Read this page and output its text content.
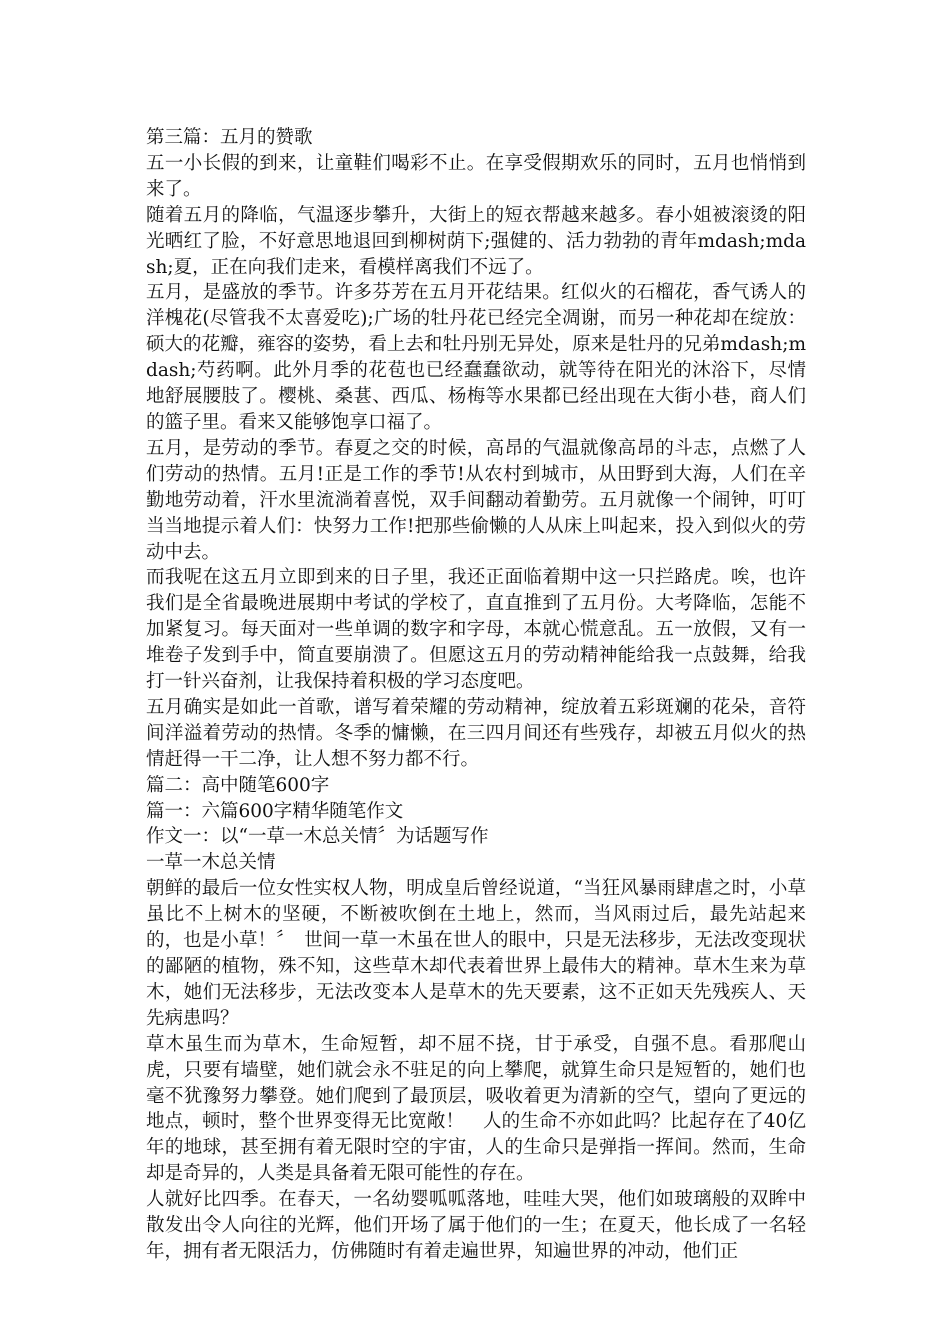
第三篇：五月的赞歌

五一小长假的到来，让童鞋们喝彩不止。在享受假期欢乐的同时，五月也悄悄到来了。

随着五月的降临，气温逐步攀升，大街上的短衣帮越来越多。春小姐被滚烫的阳光晒红了脸，不好意思地退回到柳树荫下;强健的、活力勃勃的青年mdash;mdash;夏，正在向我们走来，看模样离我们不远了。

五月，是盛放的季节。许多芬芳在五月开花结果。红似火的石榴花，香气诱人的洋槐花(尽管我不太喜爱吃);广场的牡丹花已经完全凋谢，而另一种花却在绽放：硕大的花瓣，雍容的姿势，看上去和牡丹别无异处，原来是牡丹的兄弟mdash;mdash;芍药啊。此外月季的花苞也已经蠢蠢欲动，就等待在阳光的沐浴下，尽情地舒展腰肢了。樱桃、桑葚、西瓜、杨梅等水果都已经出现在大街小巷，商人们的篮子里。看来又能够饱享口福了。

五月，是劳动的季节。春夏之交的时候，高昂的气温就像高昂的斗志，点燃了人们劳动的热情。五月!正是工作的季节!从农村到城市，从田野到大海，人们在辛勤地劳动着，汗水里流淌着喜悦，双手间翻动着勤劳。五月就像一个闹钟，叮叮当当地提示着人们：快努力工作!把那些偷懒的人从床上叫起来，投入到似火的劳动中去。

而我呢在这五月立即到来的日子里，我还正面临着期中这一只拦路虎。唉，也许我们是全省最晚进展期中考试的学校了，直直推到了五月份。大考降临，怎能不加紧复习。每天面对一些单调的数字和字母，本就心慌意乱。五一放假，又有一堆卷子发到手中，简直要崩溃了。但愿这五月的劳动精神能给我一点鼓舞，给我打一针兴奋剂，让我保持着积极的学习态度吧。

五月确实是如此一首歌，谱写着荣耀的劳动精神，绽放着五彩斑斓的花朵，音符间洋溢着劳动的热情。冬季的慵懒，在三四月间还有些残存，却被五月似火的热情赶得一干二净，让人想不努力都不行。

篇二：高中随笔600字

篇一：六篇600字精华随笔作文

作文一：以“一草一木总关情〞为话题写作

一草一木总关情

朝鲜的最后一位女性实权人物，明成皇后曾经说道，“当狂风暴雨肆虐之时，小草虽比不上树木的坚硬，不断被吹倒在土地上，然而，当风雨过后，最先站起来的，也是小草！〞　世间一草一木虽在世人的眼中，只是无法移步，无法改变现状的鄙陋的植物，殊不知，这些草木却代表着世界上最伟大的精神。草木生来为草木，她们无法移步，无法改变本人是草木的先天要素，这不正如天先残疾人、天先病患吗？

草木虽生而为草木，生命短暂，却不屈不挠，甘于承受，自强不息。看那爬山虎，只要有墙壁，她们就会永不驻足的向上攀爬，就算生命只是短暂的，她们也毫不犹豫努力攀登。她们爬到了最顶层，吸收着更为清新的空气，望向了更远的地点，顿时，整个世界变得无比宽敞！　人的生命不亦如此吗？比起存在了40亿年的地球，甚至拥有着无限时空的宇宙，人的生命只是弹指一挥间。然而，生命却是奇异的，人类是具备着无限可能性的存在。

人就好比四季。在春天，一名幼婴呱呱落地，哇哇大哭，他们如玻璃般的双眸中散发出令人向往的光辉，他们开场了属于他们的一生；在夏天，他长成了一名轻年，拥有者无限活力，仿佛随时有着走遍世界，知遍世界的冲动，他们正
